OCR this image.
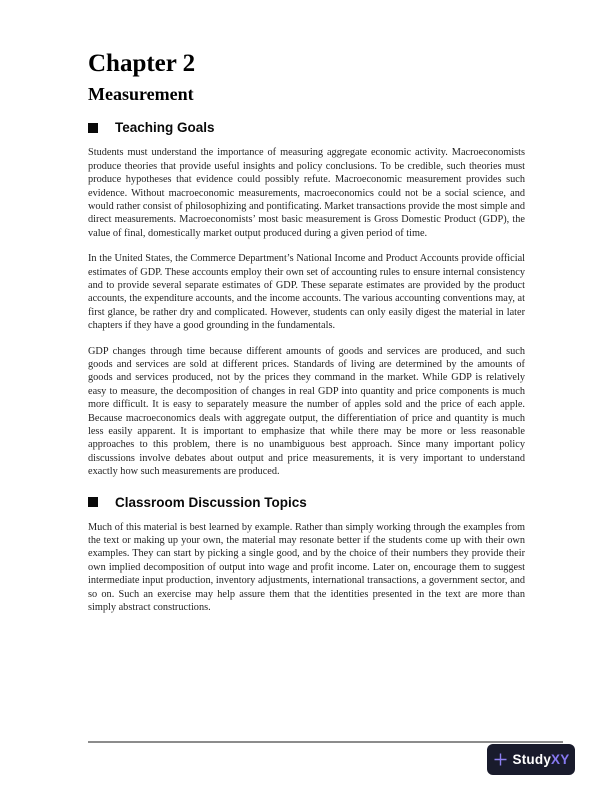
Chapter 2
Measurement
Teaching Goals

Students must understand the importance of measuring aggregate economic activity. Macroeconomists produce theories that provide useful insights and policy conclusions. To be credible, such theories must produce hypotheses that evidence could possibly refute. Macroeconomic measurement provides such evidence. Without macroeconomic measurements, macroeconomics could not be a social science, and would rather consist of philosophizing and pontificating. Market transactions provide the most simple and direct measurements. Macroeconomists’ most basic measurement is Gross Domestic Product (GDP), the value of final, domestically market output produced during a given period of time.

In the United States, the Commerce Department’s National Income and Product Accounts provide official estimates of GDP. These accounts employ their own set of accounting rules to ensure internal consistency and to provide several separate estimates of GDP. These separate estimates are provided by the product accounts, the expenditure accounts, and the income accounts. The various accounting conventions may, at first glance, be rather dry and complicated. However, students can only easily digest the material in later chapters if they have a good grounding in the fundamentals.

GDP changes through time because different amounts of goods and services are produced, and such goods and services are sold at different prices. Standards of living are determined by the amounts of goods and services produced, not by the prices they command in the market. While GDP is relatively easy to measure, the decomposition of changes in real GDP into quantity and price components is much more difficult. It is easy to separately measure the number of apples sold and the price of each apple. Because macroeconomics deals with aggregate output, the differentiation of price and quantity is much less easily apparent. It is important to emphasize that while there may be more or less reasonable approaches to this problem, there is no unambiguous best approach. Since many important policy discussions involve debates about output and price measurements, it is very important to understand exactly how such measurements are produced.

Classroom Discussion Topics

Much of this material is best learned by example. Rather than simply working through the examples from the text or making up your own, the material may resonate better if the students come up with their own examples. They can start by picking a single good, and by the choice of their numbers they provide their own implied decomposition of output into wage and profit income. Later on, encourage them to suggest intermediate input production, inventory adjustments, international transactions, a government sector, and so on. Such an exercise may help assure them that the identities presented in the text are more than simply abstract constructions.

StudyXY
